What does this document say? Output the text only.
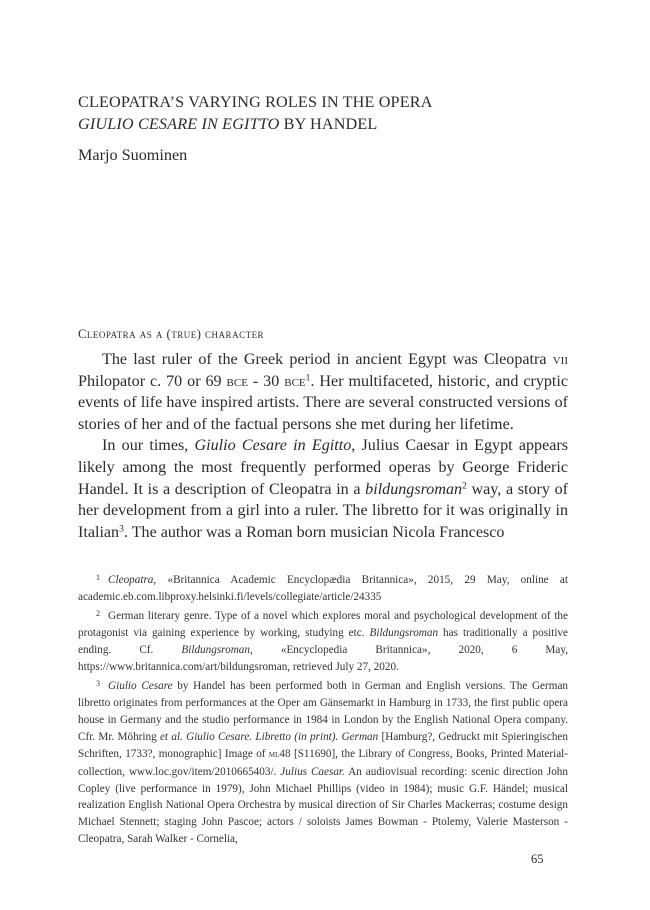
CLEOPATRA’S VARYING ROLES IN THE OPERA
GIULIO CESARE IN EGITTO BY HANDEL
Marjo Suominen
Cleopatra as a (true) character

The last ruler of the Greek period in ancient Egypt was Cleopatra vii Philopator c. 70 or 69 bce - 30 bce$^1$. Her multifaceted, historic, and cryptic events of life have inspired artists. There are several constructed versions of stories of her and of the factual persons she met during her lifetime.

In our times, Giulio Cesare in Egitto, Julius Caesar in Egypt appears likely among the most frequently performed operas by George Frideric Handel. It is a description of Cleopatra in a bildungsroman$^2$ way, a story of her development from a girl into a ruler. The libretto for it was originally in Italian$^3$. The author was a Roman born musician Nicola Francesco

$^1$ Cleopatra, «Britannica Academic Encyclopædia Britannica», 2015, 29 May, online at academic.eb.com.libproxy.helsinki.fi/levels/collegiate/article/24335

$^2$ German literary genre. Type of a novel which explores moral and psychological development of the protagonist via gaining experience by working, studying etc. Bildungsroman has traditionally a positive ending. Cf. Bildungsroman, «Encyclopedia Britannica», 2020, 6 May, https://www.britannica.com/art/bildungsroman, retrieved July 27, 2020.

$^3$ Giulio Cesare by Handel has been performed both in German and English versions. The German libretto originates from performances at the Oper am Gänsemarkt in Hamburg in 1733, the first public opera house in Germany and the studio performance in 1984 in London by the English National Opera company. Cfr. Mr. Möhring et al. Giulio Cesare. Libretto (in print). German [Hamburg?, Gedruckt mit Spieringischen Schriften, 1733?, monographic] Image of ml48 [S11690], the Library of Congress, Books, Printed Material-collection, www.loc.gov/item/2010665403/. Julius Caesar. An audiovisual recording: scenic direction John Copley (live performance in 1979), John Michael Phillips (video in 1984); music G.F. Händel; musical realization English National Opera Orchestra by musical direction of Sir Charles Mackerras; costume design Michael Stennett; staging John Pascoe; actors / soloists James Bowman - Ptolemy, Valerie Masterson - Cleopatra, Sarah Walker - Cornelia,

65
